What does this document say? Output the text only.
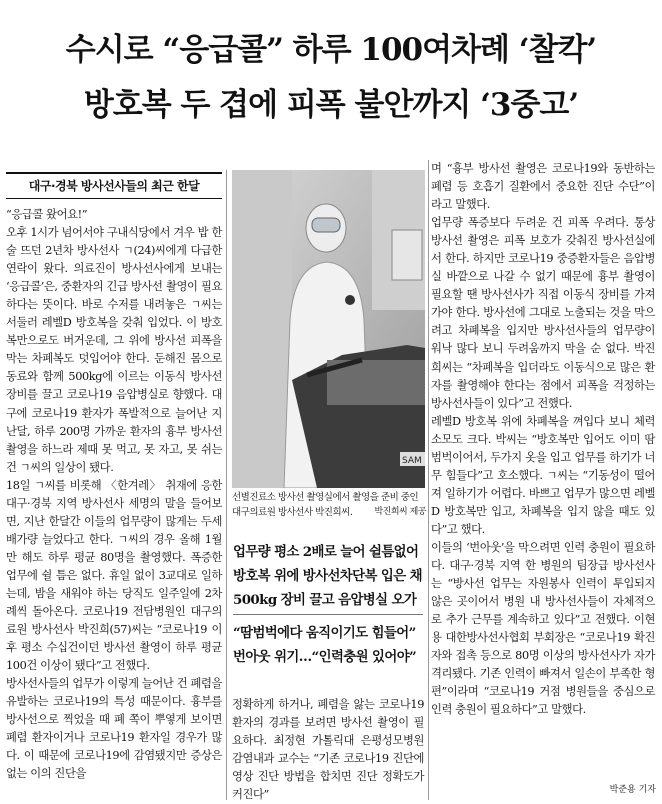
수시로 “응급콜” 하루 100여차례 ‘찰칵’
방호복 두 겹에 피폭 불안까지 ‘3중고’
대구·경북 방사선사들의 최근 한달

“응급콜 왔어요!”

오후 1시가 넘어서야 구내식당에서 겨우 밥 한술 뜨던 2년차 방사선사 ㄱ(24)씨에게 다급한 연락이 왔다. 의료진이 방사선사에게 보내는 ‘응급콜’은, 중환자의 긴급 방사선 촬영이 필요하다는 뜻이다. 바로 수저를 내려놓은 ㄱ씨는 서둘러 레벨D 방호복을 갖춰 입었다. 이 방호복만으로도 버거운데, 그 위에 방사선 피폭을 막는 차폐복도 덧입어야 한다. 둔해진 몸으로 동료와 함께 500kg에 이르는 이동식 방사선 장비를 끌고 코로나19 음압병실로 향했다. 대구에 코로나19 환자가 폭발적으로 늘어난 지난달, 하루 200명 가까운 환자의 흉부 방사선 촬영을 하느라 제때 못 먹고, 못 자고, 못 쉬는 건 ㄱ씨의 일상이 됐다.

18일 ㄱ씨를 비롯해 〈한겨레〉 취재에 응한 대구·경북 지역 방사선사 세명의 말을 들어보면, 지난 한달간 이들의 업무량이 많게는 두세배가량 늘었다고 한다. ㄱ씨의 경우 올해 1월만 해도 하루 평균 80명을 촬영했다. 폭증한 업무에 쉴 틈은 없다. 휴일 없이 3교대로 일하는데, 밤을 새워야 하는 당직도 일주일에 2차례씩 돌아온다. 코로나19 전담병원인 대구의료원 방사선사 박진희(57)씨는 “코로나19 이후 평소 수십건이던 방사선 촬영이 하루 평균 100건 이상이 됐다”고 전했다.

방사선사들의 업무가 이렇게 늘어난 건 폐렴을 유발하는 코로나19의 특성 때문이다. 흉부를 방사선으로 찍었을 때 폐 쪽이 뿌옇게 보이면 폐렴 환자이거나 코로나19 환자일 경우가 많다. 이 때문에 코로나19에 감염됐지만 증상은 없는 이의 진단을

SAM
선별진료소 방사선 촬영실에서 촬영을 준비 중인 대구의료원 방사선사 박진희씨. 박진희씨 제공
업무량 평소 2배로 늘어 쉴틈없어 방호복 위에 방사선차단복 입은 채 500kg 장비 끌고 음압병실 오가
“땀범벅에다 움직이기도 힘들어” 번아웃 위기…“인력충원 있어야”

정확하게 하거나, 폐렴을 앓는 코로나19 환자의 경과를 보려면 방사선 촬영이 필요하다. 최정현 가톨릭대 은평성모병원 감염내과 교수는 “기존 코로나19 진단에 영상 진단 방법을 합치면 진단 정확도가 커진다”

며 “흉부 방사선 촬영은 코로나19와 동반하는 폐렴 등 호흡기 질환에서 중요한 진단 수단”이라고 말했다.

업무량 폭증보다 두려운 건 피폭 우려다. 통상 방사선 촬영은 피폭 보호가 갖춰진 방사선실에서 한다. 하지만 코로나19 중증환자들은 음압병실 바깥으로 나갈 수 없기 때문에 흉부 촬영이 필요할 땐 방사선사가 직접 이동식 장비를 가져가야 한다. 방사선에 그대로 노출되는 것을 막으려고 차폐복을 입지만 방사선사들의 업무량이 워낙 많다 보니 두려움까지 막을 순 없다. 박진희씨는 “차폐복을 입더라도 이동식으로 많은 환자를 촬영해야 한다는 점에서 피폭을 걱정하는 방사선사들이 있다”고 전했다.

레벨D 방호복 위에 차폐복을 껴입다 보니 체력 소모도 크다. 박씨는 “방호복만 입어도 이미 땀범벅이어서, 두가지 옷을 입고 업무를 하기가 너무 힘들다”고 호소했다. ㄱ씨는 “기동성이 떨어져 일하기가 어렵다. 바쁘고 업무가 많으면 레벨D 방호복만 입고, 차폐복을 입지 않을 때도 있다”고 했다.

이들의 ‘번아웃’을 막으려면 인력 충원이 필요하다. 대구·경북 지역 한 병원의 팀장급 방사선사는 “방사선 업무는 자원봉사 인력이 투입되지 않은 곳이어서 병원 내 방사선사들이 자체적으로 추가 근무를 계속하고 있다”고 전했다. 이현용 대한방사선사협회 부회장은 “코로나19 확진자와 접촉 등으로 80명 이상의 방사선사가 자가격리됐다. 기존 인력이 빠져서 일손이 부족한 형편”이라며 “코로나19 거점 병원들을 중심으로 인력 충원이 필요하다”고 말했다.

박준용 기자
